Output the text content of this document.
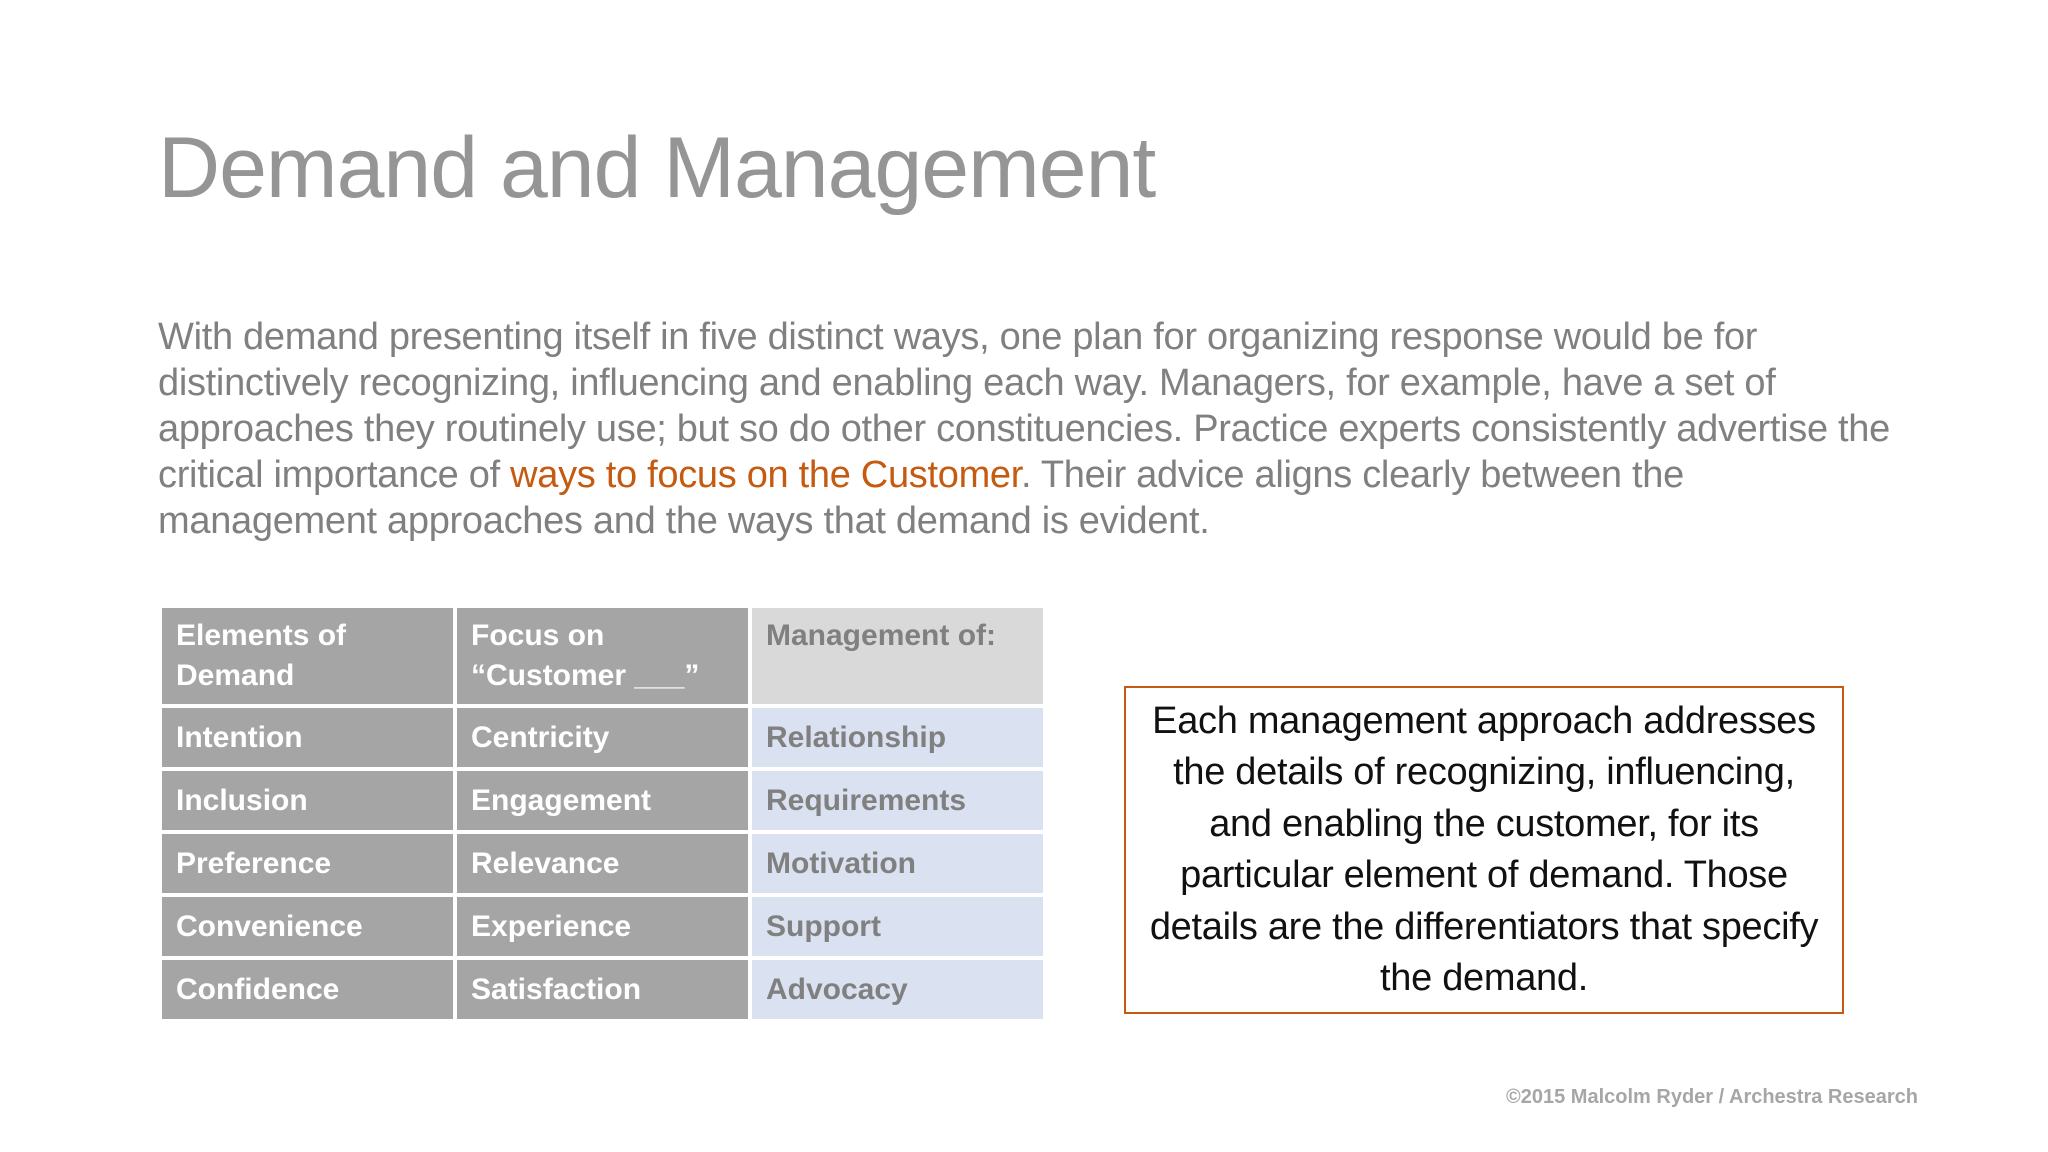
Demand and Management

With demand presenting itself in five distinct ways, one plan for organizing response would be for distinctively recognizing, influencing and enabling each way. Managers, for example, have a set of approaches they routinely use; but so do other constituencies. Practice experts consistently advertise the critical importance of ways to focus on the Customer. Their advice aligns clearly between the management approaches and the ways that demand is evident.

Elements of Demand	Focus on “Customer ___”	Management of:
Intention	Centricity	Relationship
Inclusion	Engagement	Requirements
Preference	Relevance	Motivation
Convenience	Experience	Support
Confidence	Satisfaction	Advocacy

Each management approach addresses the details of recognizing, influencing, and enabling the customer, for its particular element of demand. Those details are the differentiators that specify the demand.

©2015 Malcolm Ryder / Archestra Research
